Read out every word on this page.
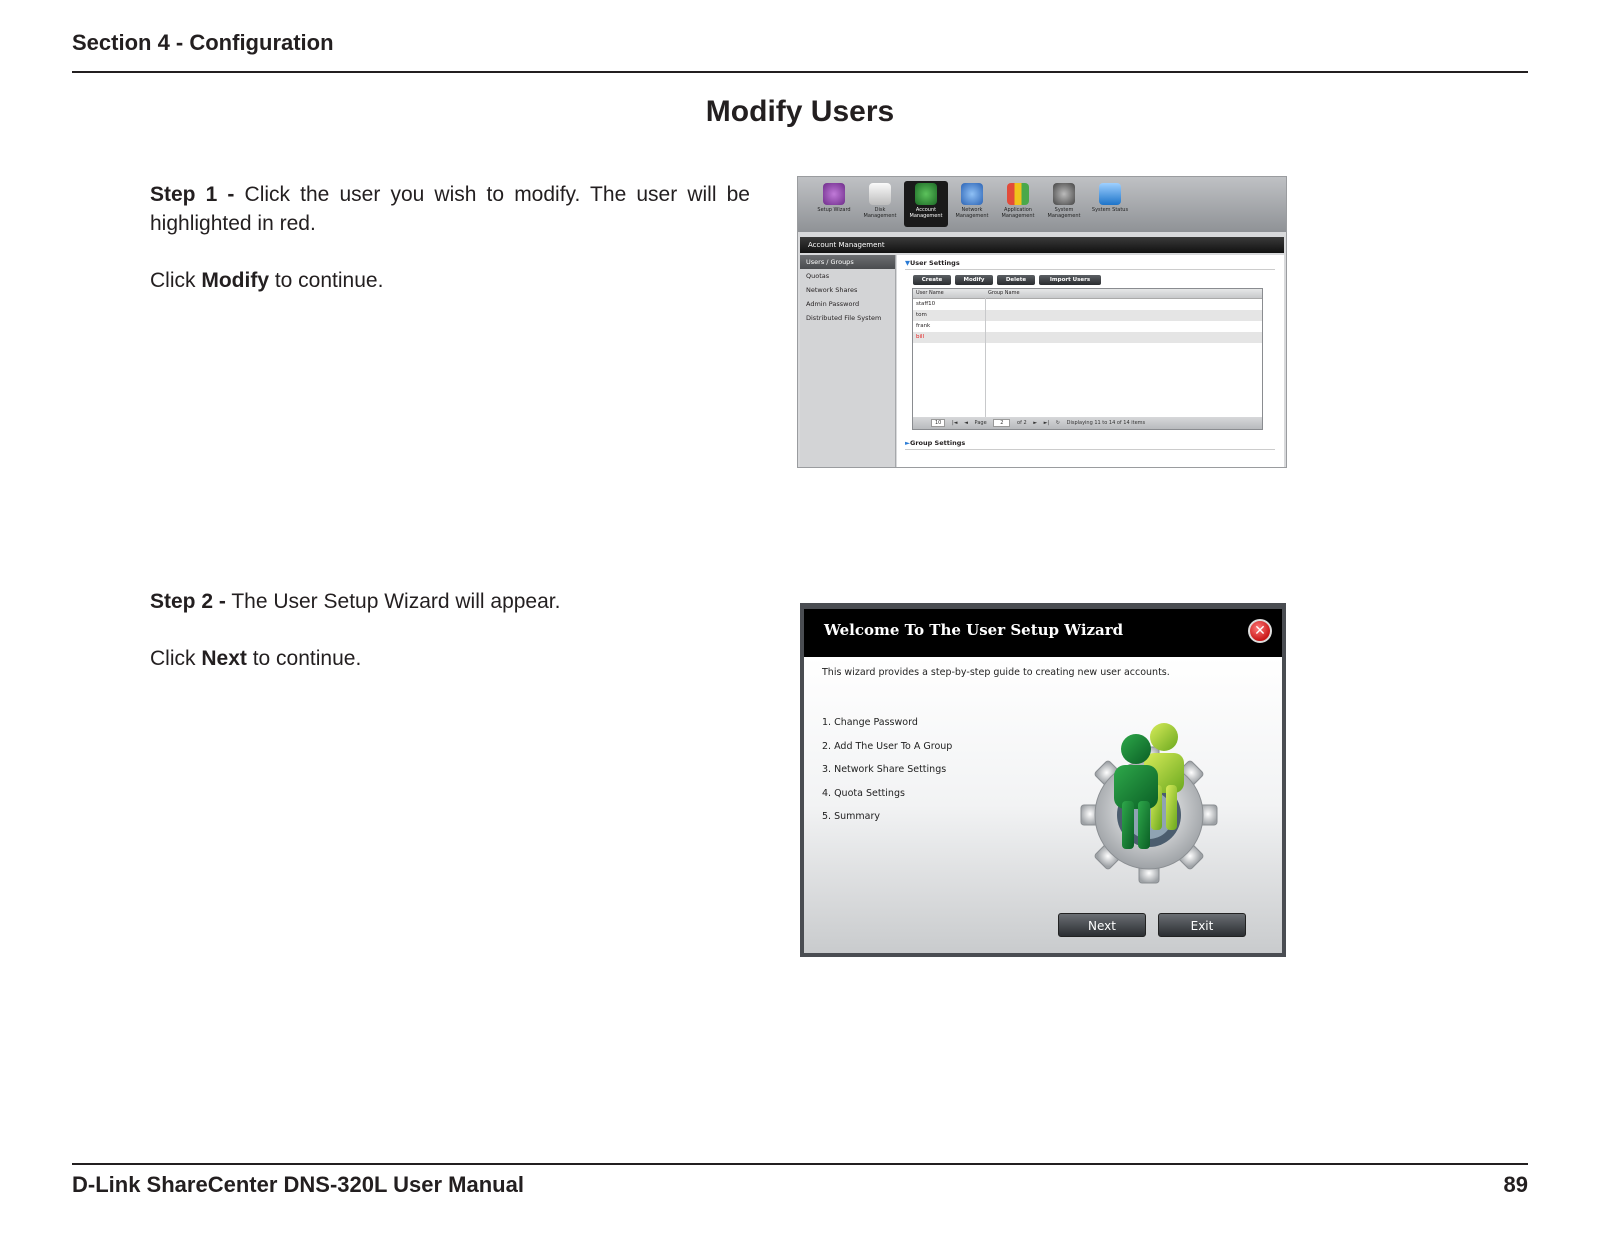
Section 4 - Configuration
Modify Users

Step 1 - Click the user you wish to modify. The user will be highlighted in red.

Click Modify to continue.

Step 2 - The User Setup Wizard will appear.

Click Next to continue.

Setup Wizard	Disk Management
Account Management
Network Management
Application Management
System Management
System Status
Account Management
Users / Groups
Quotas
Network Shares
Admin Password
Distributed File System
▼User Settings
Create	Modify	Delete	Import Users
User Name	Group Name
staff10
tom
frank
bill
10 |◄ ◄ Page	2	of 2 ► ►| ↻ Displaying 11 to 14 of 14 items
►Group Settings
Welcome To The User Setup Wizard	✕
This wizard provides a step-by-step guide to creating new user accounts.
1. Change Password
2. Add The User To A Group
3. Network Share Settings
4. Quota Settings
5. Summary
Next	Exit
D-Link ShareCenter DNS-320L User Manual	89
